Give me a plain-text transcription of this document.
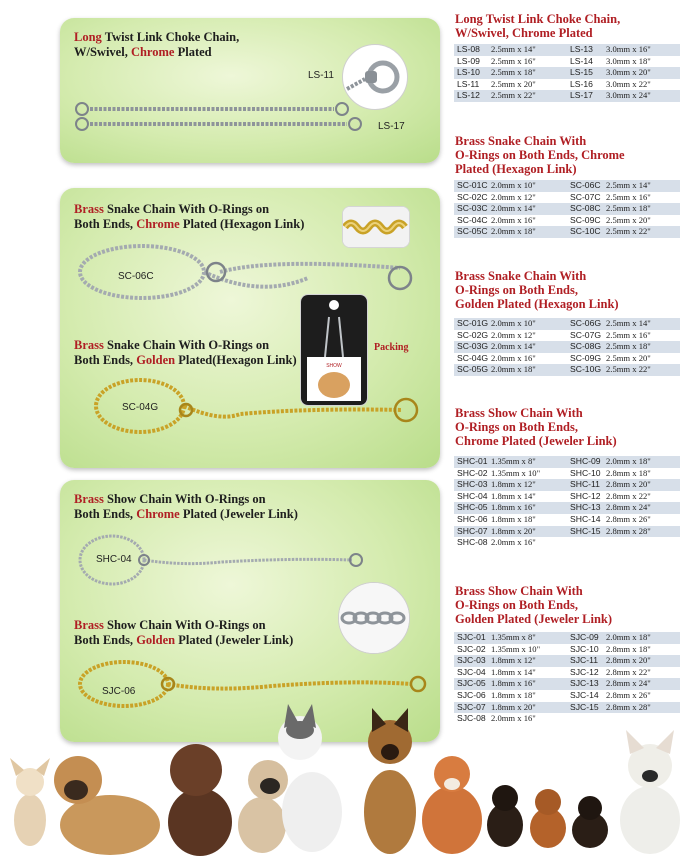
Long Twist Link Choke Chain,
W/Swivel, Chrome Plated
LS-11
LS-17
Brass Snake Chain With O-Rings on
Both Ends, Chrome Plated (Hexagon Link)
SC-06C
Brass Snake Chain With O-Rings on
Both Ends, Golden Plated(Hexagon Link)	SHOW
Packing
SC-04G
Brass Show Chain With O-Rings on
Both Ends, Chrome Plated (Jeweler Link)
SHC-04
Brass Show Chain With O-Rings on
Both Ends, Golden Plated (Jeweler Link)
SJC-06
Long Twist Link Choke Chain,
W/Swivel, Chrome Plated
LS-08	2.5mm x 14"	LS-13	3.0mm x 16"
LS-09	2.5mm x 16"	LS-14	3.0mm x 18"
LS-10	2.5mm x 18"	LS-15	3.0mm x 20"
LS-11	2.5mm x 20"	LS-16	3.0mm x 22"
LS-12	2.5mm x 22"	LS-17	3.0mm x 24"
Brass Snake Chain With
O-Rings on Both Ends, Chrome
Plated (Hexagon Link)
SC-01C	2.0mm x 10"	SC-06C	2.5mm x 14"
SC-02C	2.0mm x 12"	SC-07C	2.5mm x 16"
SC-03C	2.0mm x 14"	SC-08C	2.5mm x 18"
SC-04C	2.0mm x 16"	SC-09C	2.5mm x 20"
SC-05C	2.0mm x 18"	SC-10C	2.5mm x 22"
Brass Snake Chain With
O-Rings on Both Ends,
Golden Plated (Hexagon Link)
SC-01G	2.0mm x 10"	SC-06G	2.5mm x 14"
SC-02G	2.0mm x 12"	SC-07G	2.5mm x 16"
SC-03G	2.0mm x 14"	SC-08G	2.5mm x 18"
SC-04G	2.0mm x 16"	SC-09G	2.5mm x 20"
SC-05G	2.0mm x 18"	SC-10G	2.5mm x 22"
Brass Show Chain With
O-Rings on Both Ends,
Chrome Plated (Jeweler Link)
SHC-01	1.35mm x 8"	SHC-09	2.0mm x 18"
SHC-02	1.35mm x 10"	SHC-10	2.8mm x 18"
SHC-03	1.8mm x 12"	SHC-11	2.8mm x 20"
SHC-04	1.8mm x 14"	SHC-12	2.8mm x 22"
SHC-05	1.8mm x 16"	SHC-13	2.8mm x 24"
SHC-06	1.8mm x 18"	SHC-14	2.8mm x 26"
SHC-07	1.8mm x 20"	SHC-15	2.8mm x 28"
SHC-08	2.0mm x 16"		
Brass Show Chain With
O-Rings on Both Ends,
Golden Plated (Jeweler Link)
SJC-01	1.35mm x 8"	SJC-09	2.0mm x 18"
SJC-02	1.35mm x 10"	SJC-10	2.8mm x 18"
SJC-03	1.8mm x 12"	SJC-11	2.8mm x 20"
SJC-04	1.8mm x 14"	SJC-12	2.8mm x 22"
SJC-05	1.8mm x 16"	SJC-13	2.8mm x 24"
SJC-06	1.8mm x 18"	SJC-14	2.8mm x 26"
SJC-07	1.8mm x 20"	SJC-15	2.8mm x 28"
SJC-08	2.0mm x 16"		
